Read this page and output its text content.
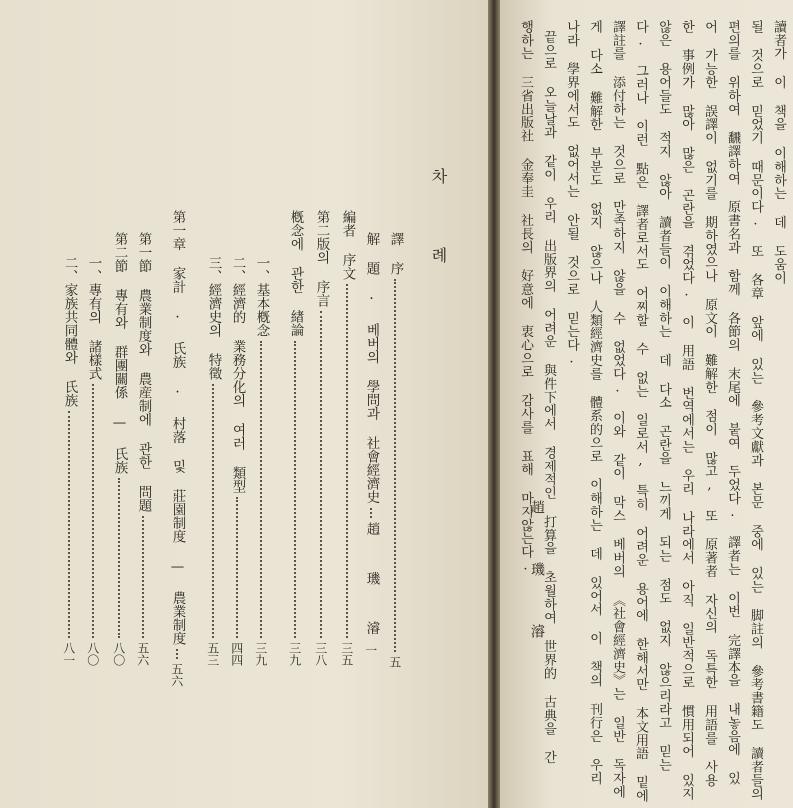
차 례
譯 序
五
解 題 · 베버의 學問과 社會經濟史
趙 璣 濬
一
編者 序文
三五
第二版의 序言
三八
槪念에 관한 緖論
三九
一、基本槪念
三九
二、經濟的 業務分化의 여러 類型
四四
三、經濟史의 特徵
五三
第一章 家計 · 氏族 · 村落 및 莊園制度 — 農業制度
五六
第一節 農業制度와 農産制에 관한 問題
五六
第二節 專有와 群團關係 — 氏族
八〇
一、專有의 諸樣式
八〇
二、家族共同體와 氏族
八一
讀者가 이 책을 이해하는 데 도움이
될 것으로 믿었기 때문이다. 또 各章 앞에 있는 參考文獻과 본문 중에 있는 脚註의 參考書籍도 讀者들의
편의를 위하여 飜譯하여 原書名과 함께 各節의 末尾에 붙여 두었다. 譯者는 이번 完譯本을 내놓음에 있
어 가능한 誤譯이 없기를 期하였으나 原文이 難解한 점이 많고, 또 原著者 자신의 독특한 用語를 사용
한 事例가 많아 많은 곤란을 겪었다. 이 用語 번역에서는 우리 나라에서 아직 일반적으로 慣用되어 있지
않은 용어들도 적지 않아 讀者들이 이해하는 데 다소 곤란을 느끼게 되는 점도 없지 않으리라고 믿는
다. 그러나 이런 點은 譯者로서도 어찌할 수 없는 일로서, 특히 어려운 용어에 한해서만 本文用語 밑에
譯註를 添付하는 것으로 만족하지 않을 수 없었다. 이와 같이 막스 베버의 《社會經濟史》는 일반 독자에
게 다소 難解한 부분도 없지 않으나 人類經濟史를 體系的으로 이해하는 데 있어서 이 책의 刊行은 우리
나라 學界에서도 없어서는 안될 것으로 믿는다.
끝으로 오늘날과 같이 우리 出版界의 어려운 與件下에서 경제적인 打算을 초월하여 世界的 古典을 간
행하는 三省出版社 金奉圭 社長의 好意에 衷心으로 감사를 표해 마지않는다.
趙 璣 濬
